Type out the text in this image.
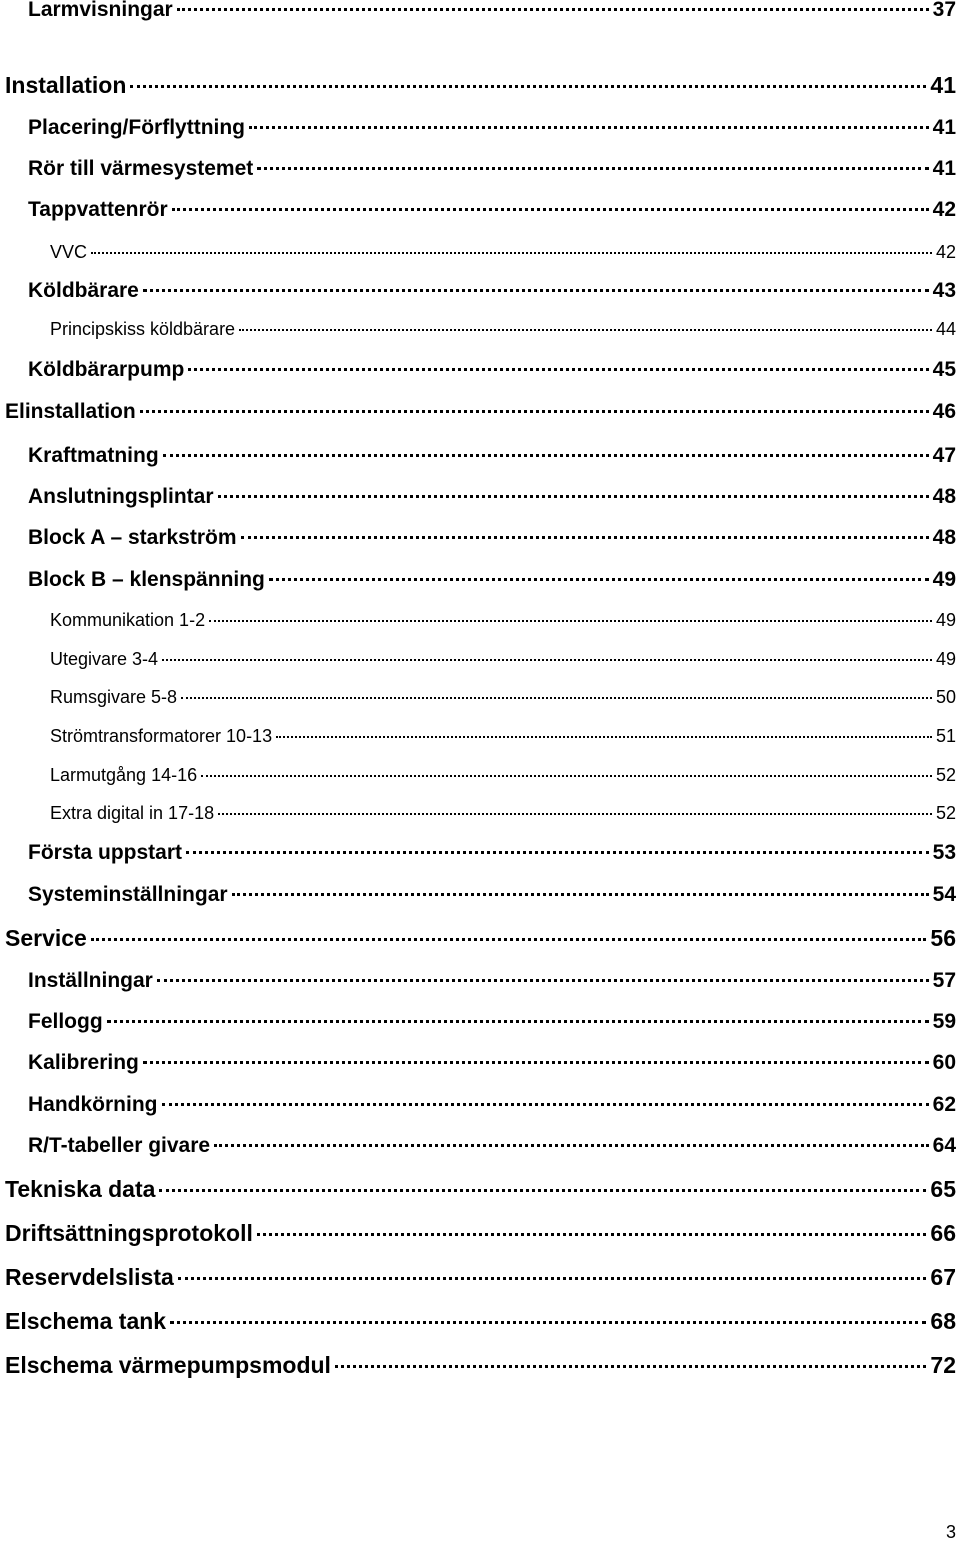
Larmvisningar	37
Installation	41
Placering/Förflyttning	41
Rör till värmesystemet	41
Tappvattenrör	42
VVC	42
Köldbärare	43
Principskiss köldbärare	44
Köldbärarpump	45
Elinstallation	46
Kraftmatning	47
Anslutningsplintar	48
Block A – starkström	48
Block B – klenspänning	49
Kommunikation 1-2	49
Utegivare 3-4	49
Rumsgivare 5-8	50
Strömtransformatorer 10-13	51
Larmutgång 14-16	52
Extra digital in 17-18	52
Första uppstart	53
Systeminställningar	54
Service	56
Inställningar	57
Fellogg	59
Kalibrering	60
Handkörning	62
R/T-tabeller givare	64
Tekniska data	65
Driftsättningsprotokoll	66
Reservdelslista	67
Elschema tank	68
Elschema värmepumpsmodul	72
3
